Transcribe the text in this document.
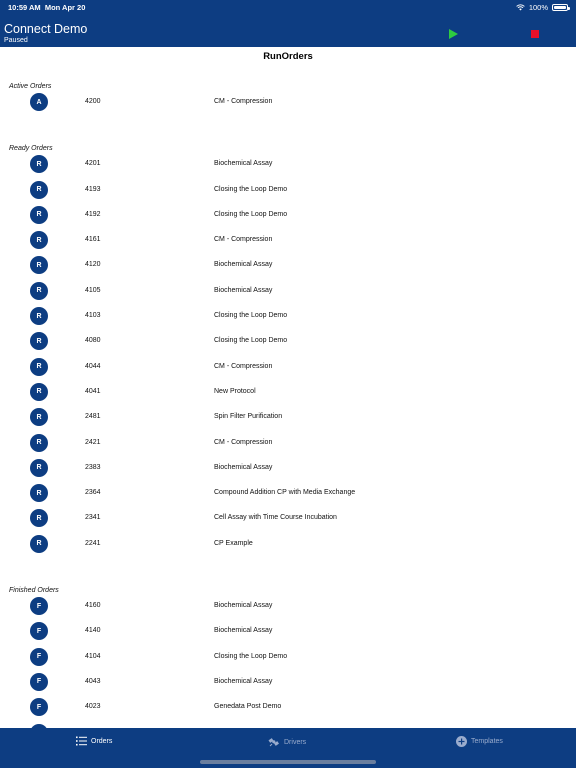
10:59 AM Mon Apr 20	100%
Connect Demo
Paused
RunOrders
Active Orders
A	4200	CM - Compression
Ready Orders
R	4201	Biochemical Assay
R	4193	Closing the Loop Demo
R	4192	Closing the Loop Demo
R	4161	CM - Compression
R	4120	Biochemical Assay
R	4105	Biochemical Assay
R	4103	Closing the Loop Demo
R	4080	Closing the Loop Demo
R	4044	CM - Compression
R	4041	New Protocol
R	2481	Spin Filter Purification
R	2421	CM - Compression
R	2383	Biochemical Assay
R	2364	Compound Addition CP with Media Exchange
R	2341	Cell Assay with Time Course Incubation
R	2241	CP Example
Finished Orders
F	4160	Biochemical Assay
F	4140	Biochemical Assay
F	4104	Closing the Loop Demo
F	4043	Biochemical Assay
F	4023	Genedata Post Demo
Orders	Drivers	Templates
